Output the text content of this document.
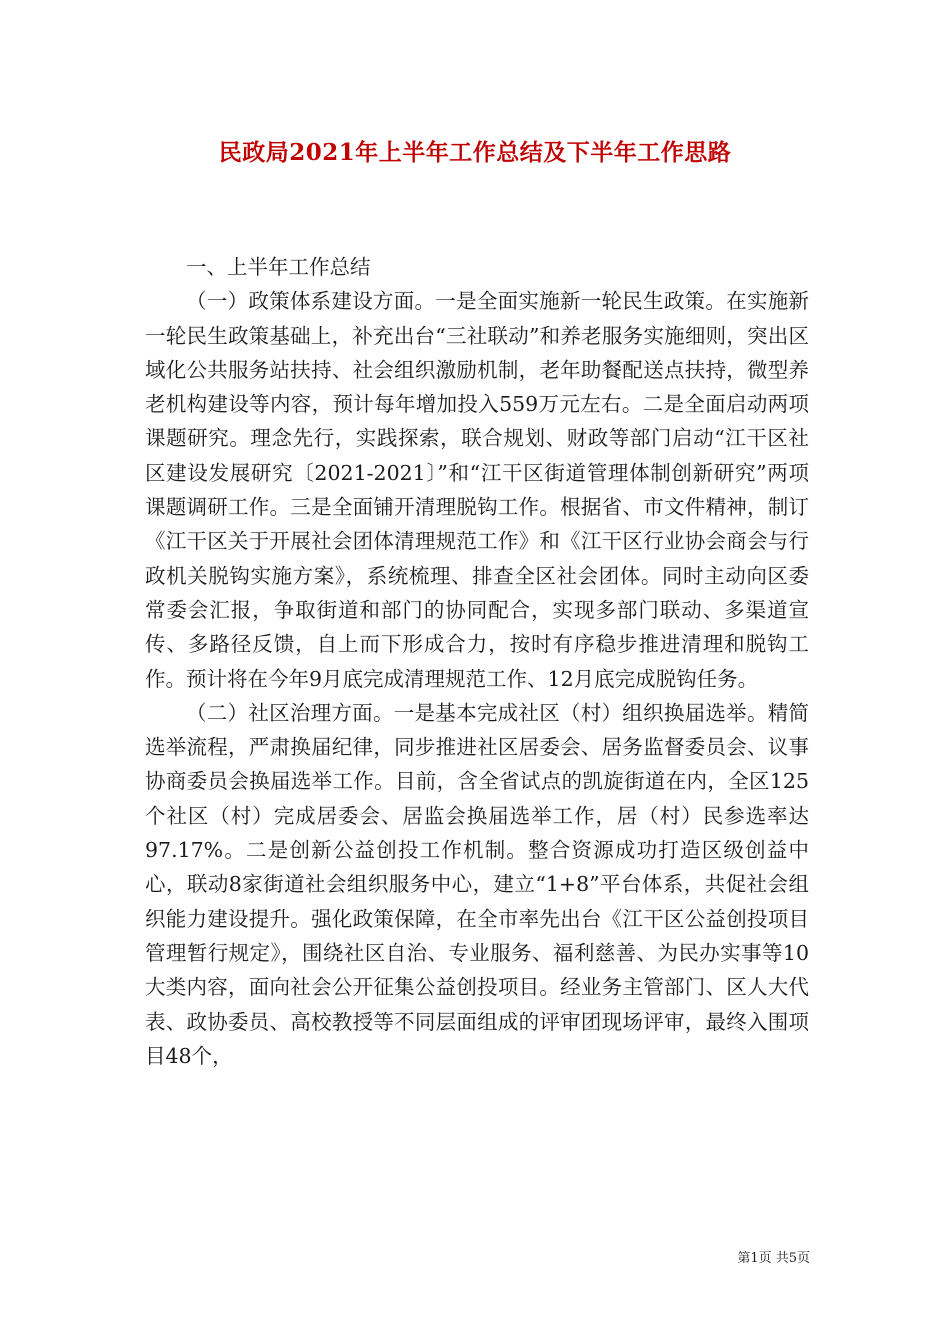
民政局2021年上半年工作总结及下半年工作思路

一、上半年工作总结

（一）政策体系建设方面。一是全面实施新一轮民生政策。在实施新一轮民生政策基础上，补充出台“三社联动”和养老服务实施细则，突出区域化公共服务站扶持、社会组织激励机制，老年助餐配送点扶持，微型养老机构建设等内容，预计每年增加投入559万元左右。二是全面启动两项课题研究。理念先行，实践探索，联合规划、财政等部门启动“江干区社区建设发展研究〔2021-2021〕”和“江干区街道管理体制创新研究”两项课题调研工作。三是全面铺开清理脱钩工作。根据省、市文件精神，制订《江干区关于开展社会团体清理规范工作》和《江干区行业协会商会与行政机关脱钩实施方案》，系统梳理、排查全区社会团体。同时主动向区委常委会汇报，争取街道和部门的协同配合，实现多部门联动、多渠道宣传、多路径反馈，自上而下形成合力，按时有序稳步推进清理和脱钩工作。预计将在今年9月底完成清理规范工作、12月底完成脱钩任务。

（二）社区治理方面。一是基本完成社区（村）组织换届选举。精简选举流程，严肃换届纪律，同步推进社区居委会、居务监督委员会、议事协商委员会换届选举工作。目前，含全省试点的凯旋街道在内，全区125个社区（村）完成居委会、居监会换届选举工作，居（村）民参选率达97.17%。二是创新公益创投工作机制。整合资源成功打造区级创益中心，联动8家街道社会组织服务中心，建立“1+8”平台体系，共促社会组织能力建设提升。强化政策保障，在全市率先出台《江干区公益创投项目管理暂行规定》，围绕社区自治、专业服务、福利慈善、为民办实事等10大类内容，面向社会公开征集公益创投项目。经业务主管部门、区人大代表、政协委员、高校教授等不同层面组成的评审团现场评审，最终入围项目48个，

第1页 共5页
